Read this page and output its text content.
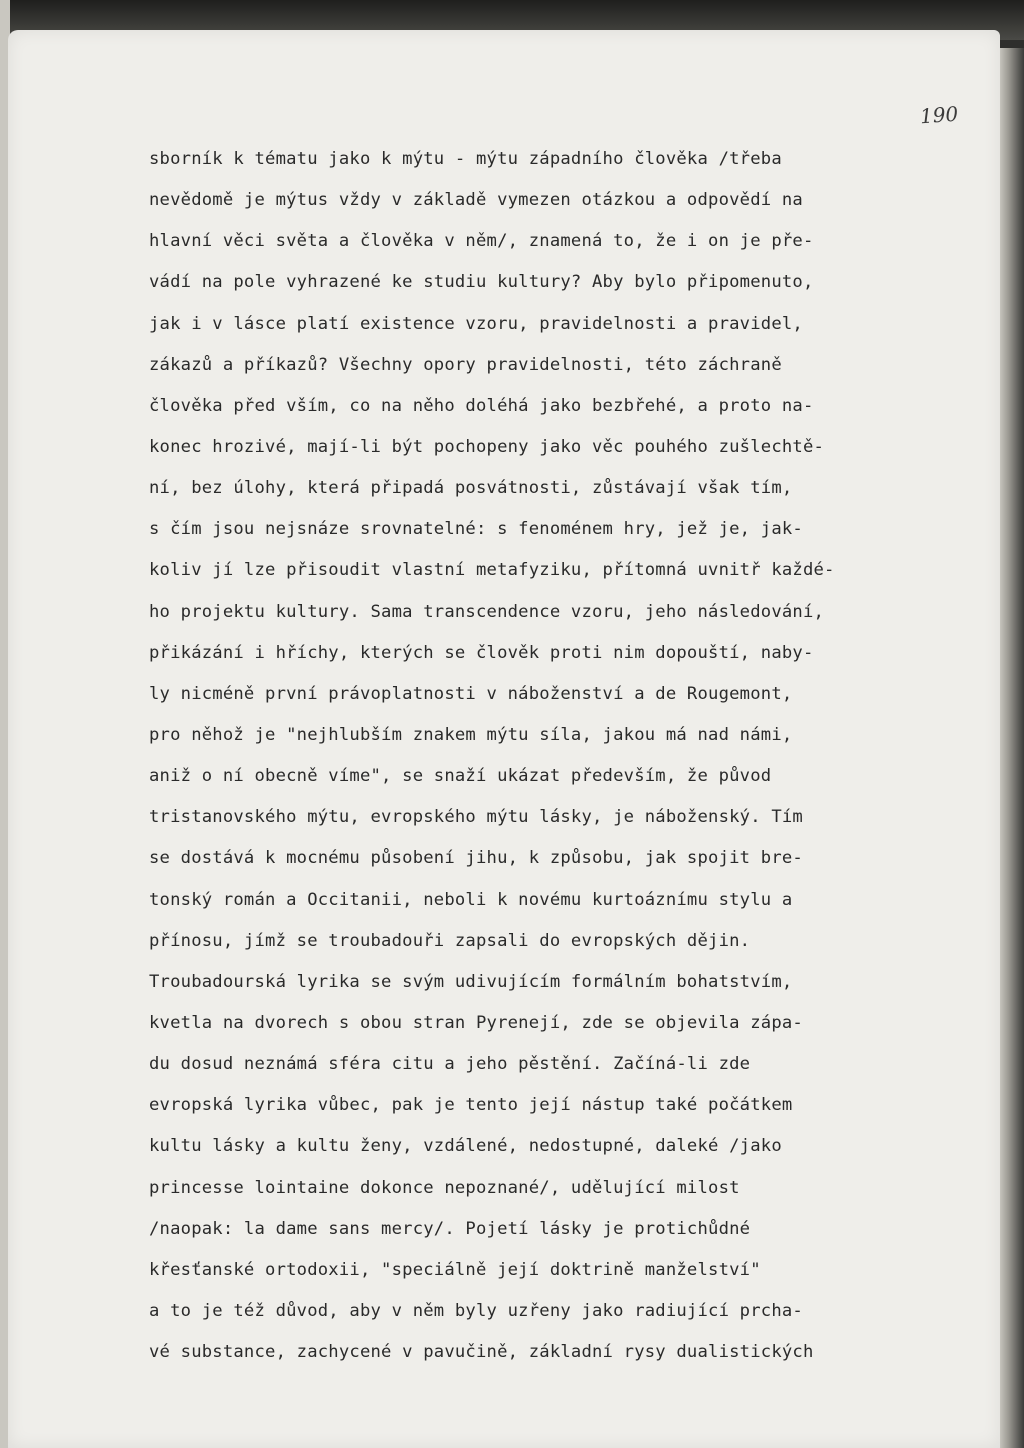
190
sborník k tématu jako k mýtu - mýtu západního člověka /třeba
nevědomě je mýtus vždy v základě vymezen otázkou a odpovědí na
hlavní věci světa a člověka v něm/, znamená to, že i on je pře-
vádí na pole vyhrazené ke studiu kultury? Aby bylo připomenuto,
jak i v lásce platí existence vzoru, pravidelnosti a pravidel,
zákazů a příkazů? Všechny opory pravidelnosti, této záchraně
člověka před vším, co na něho doléhá jako bezbřehé, a proto na-
konec hrozivé, mají-li být pochopeny jako věc pouhého zušlechtě-
ní, bez úlohy, která připadá posvátnosti, zůstávají však tím,
s čím jsou nejsnáze srovnatelné: s fenoménem hry, jež je, jak-
koliv jí lze přisoudit vlastní metafyziku, přítomná uvnitř každé-
ho projektu kultury. Sama transcendence vzoru, jeho následování,
přikázání i hříchy, kterých se člověk proti nim dopouští, naby-
ly nicméně první právoplatnosti v náboženství a de Rougemont,
pro něhož je "nejhlubším znakem mýtu síla, jakou má nad námi,
aniž o ní obecně víme", se snaží ukázat především, že původ
tristanovského mýtu, evropského mýtu lásky, je náboženský. Tím
se dostává k mocnému působení jihu, k způsobu, jak spojit bre-
tonský román a Occitanii, neboli k novému kurtoáznímu stylu a
přínosu, jímž se troubadouři zapsali do evropských dějin.
Troubadourská lyrika se svým udivujícím formálním bohatstvím,
kvetla na dvorech s obou stran Pyrenejí, zde se objevila zápa-
du dosud neznámá sféra citu a jeho pěstění. Začíná-li zde
evropská lyrika vůbec, pak je tento její nástup také počátkem
kultu lásky a kultu ženy, vzdálené, nedostupné, daleké /jako
princesse lointaine dokonce nepoznané/, udělující milost
/naopak: la dame sans mercy/. Pojetí lásky je protichůdné
křesťanské ortodoxii, "speciálně její doktrině manželství"
a to je též důvod, aby v něm byly uzřeny jako radiující prcha-
vé substance, zachycené v pavučině, základní rysy dualistických
